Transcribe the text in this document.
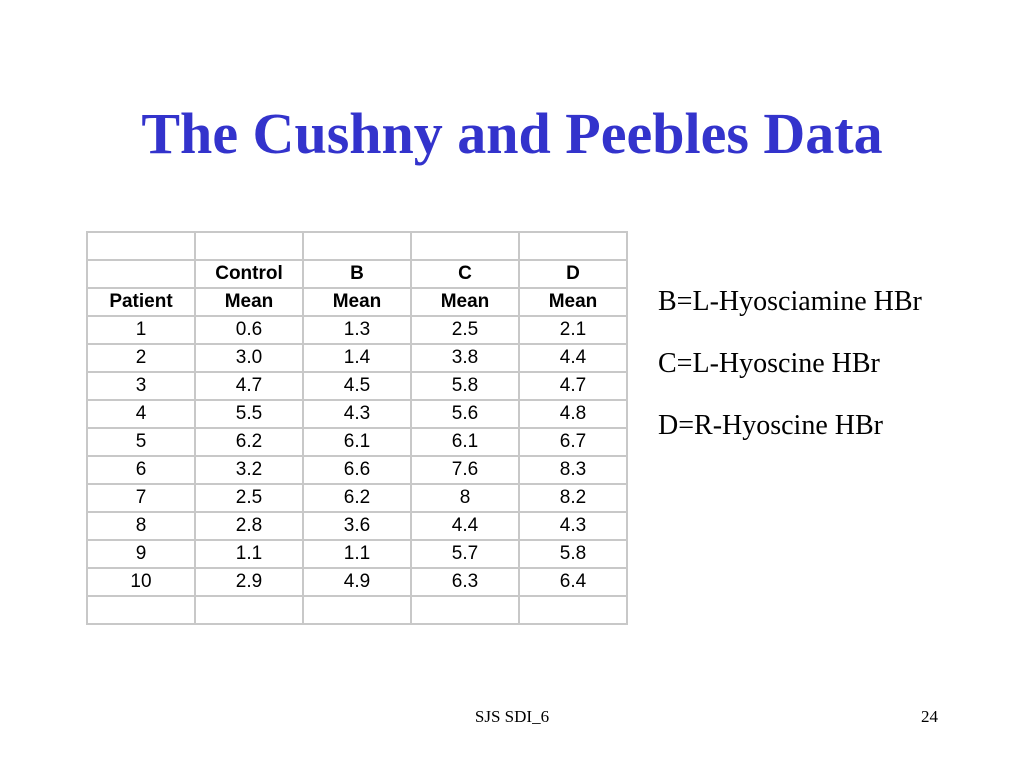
The Cushny and Peebles Data

	Control	B	C	D
Patient	Mean	Mean	Mean	Mean
1	0.6	1.3	2.5	2.1
2	3.0	1.4	3.8	4.4
3	4.7	4.5	5.8	4.7
4	5.5	4.3	5.6	4.8
5	6.2	6.1	6.1	6.7
6	3.2	6.6	7.6	8.3
7	2.5	6.2	8	8.2
8	2.8	3.6	4.4	4.3
9	1.1	1.1	5.7	5.8
10	2.9	4.9	6.3	6.4

B=L-Hyosciamine HBr
C=L-Hyoscine HBr
D=R-Hyoscine HBr
SJS SDI_6	24
